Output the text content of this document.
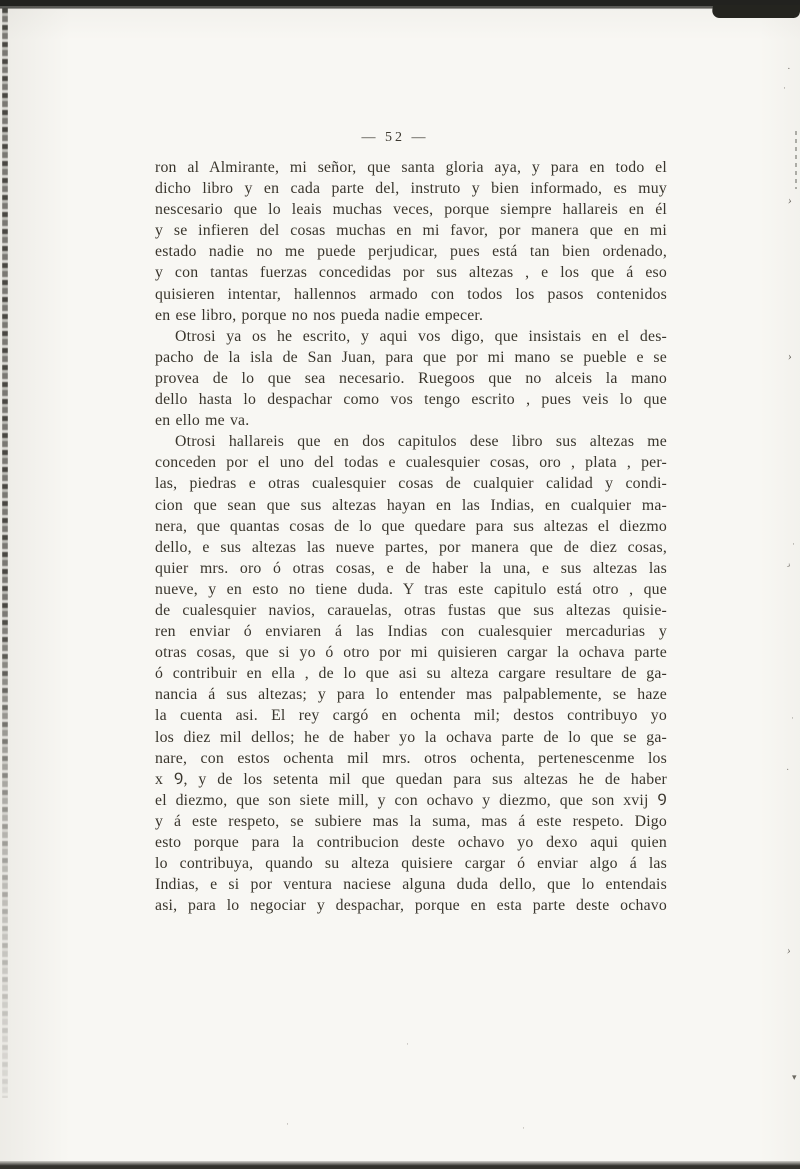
— 52 —
ron al Almirante, mi señor, que santa gloria aya, y para en todo el
dicho libro y en cada parte del, instruto y bien informado, es muy
nescesario que lo leais muchas veces, porque siempre hallareis en él
y se infieren del cosas muchas en mi favor, por manera que en mi
estado nadie no me puede perjudicar, pues está tan bien ordenado,
y con tantas fuerzas concedidas por sus altezas , e los que á eso
quisieren intentar, hallennos armado con todos los pasos contenidos
en ese libro, porque no nos pueda nadie empecer.
Otrosi ya os he escrito, y aqui vos digo, que insistais en el des-
pacho de la isla de San Juan, para que por mi mano se pueble e se
provea de lo que sea necesario. Ruegoos que no alceis la mano
dello hasta lo despachar como vos tengo escrito , pues veis lo que
en ello me va.
Otrosi hallareis que en dos capitulos dese libro sus altezas me
conceden por el uno del todas e cualesquier cosas, oro , plata , per-
las, piedras e otras cualesquier cosas de cualquier calidad y condi-
cion que sean que sus altezas hayan en las Indias, en cualquier ma-
nera, que quantas cosas de lo que quedare para sus altezas el diezmo
dello, e sus altezas las nueve partes, por manera que de diez cosas,
quier mrs. oro ó otras cosas, e de haber la una, e sus altezas las
nueve, y en esto no tiene duda. Y tras este capitulo está otro , que
de cualesquier navios, carauelas, otras fustas que sus altezas quisie-
ren enviar ó enviaren á las Indias con cualesquier mercadurias y
otras cosas, que si yo ó otro por mi quisieren cargar la ochava parte
ó contribuir en ella , de lo que asi su alteza cargare resultare de ga-
nancia á sus altezas; y para lo entender mas palpablemente, se haze
la cuenta asi. El rey cargó en ochenta mil; destos contribuyo yo
los diez mil dellos; he de haber yo la ochava parte de lo que se ga-
nare, con estos ochenta mil mrs. otros ochenta, pertenescenme los
x Ꝯ, y de los setenta mil que quedan para sus altezas he de haber
el diezmo, que son siete mill, y con ochavo y diezmo, que son xvij Ꝯ
y á este respeto, se subiere mas la suma, mas á este respeto. Digo
esto porque para la contribucion deste ochavo yo dexo aqui quien
lo contribuya, quando su alteza quisiere cargar ó enviar algo á las
Indias, e si por ventura naciese alguna duda dello, que lo entendais
asi, para lo negociar y despachar, porque en esta parte deste ochavo
·
·
›
›
·
›
·
·
›
▾
·	·
·
